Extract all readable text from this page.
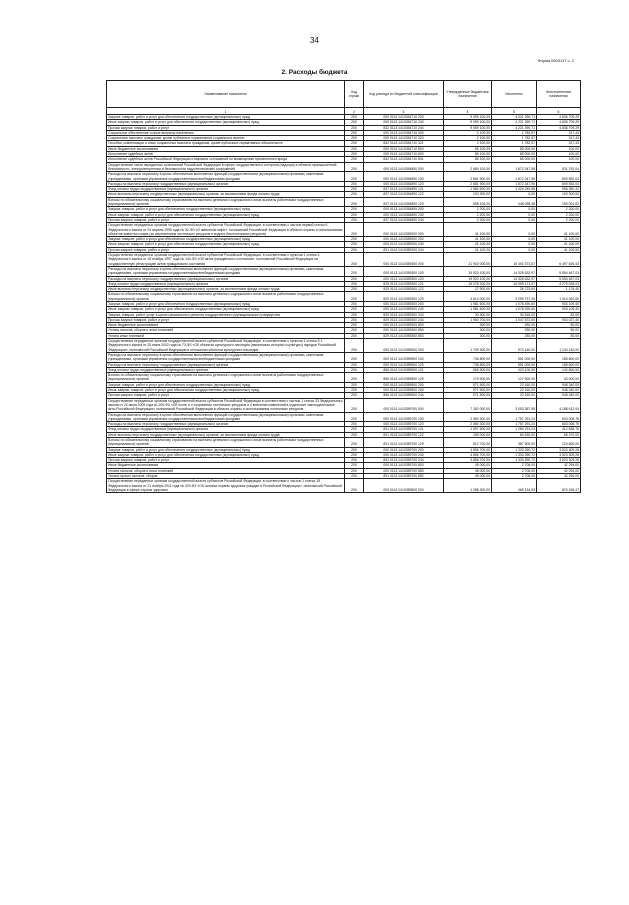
34
Форма 0503117 с. 2
2. Расходы бюджета
Наименование показателя	Код строки	Код расхода по бюджетной классификации	Утвержденные бюджетные назначения	Исполнено	Неисполненные назначения
1	2	3	4	5	6
Закупка товаров, работ и услуг для обеспечения государственных (муниципальных) нужд	200	000 0113 1410354710 200	9 059 100,00	4 221 390,71	4 836 709,29
Иные закупки товаров, работ и услуг для обеспечения государственных (муниципальных) нужд	200	000 0113 1410354710 240	9 059 100,00	4 221 390,71	4 836 709,29
Прочая закупка товаров, работ и услуг	200	832 0113 1410354710 244	9 059 100,00	4 221 390,71	4 836 709,29
Социальное обеспечение и иные выплаты населению	200	000 0113 1410354710 300	2 100,00	1 782,57	317,43
Социальные выплаты гражданам, кроме публичных нормативных социальных выплат	200	000 0113 1410354710 320	2 100,00	1 782,57	317,43
Пособия, компенсации и иные социальные выплаты гражданам, кроме публичных нормативных обязательств	200	832 0113 1410354710 321	2 100,00	1 782,57	317,43
Иные бюджетные ассигнования	200	000 0113 1410354710 800	85 100,00	85 000,00	100,00
Исполнение судебных актов	200	000 0113 1410354710 830	85 100,00	85 000,00	100,00
Исполнение судебных актов Российской Федерации и мировых соглашений по возмещению причиненного вреда	200	832 0113 1410354710 831	85 100,00	85 000,00	100,00
Осуществление части переданных полномочий Российской Федерации в сфере государственного контроля (надзора) в области промышленной безопасности, электроэнергетики и безопасности гидротехнических сооружений	200	000 0113 1410354890 000	2 684 100,00	1 872 347,98	811 752,04
Расходы на выплаты персоналу в целях обеспечения выполнения функций государственными (муниципальными) органами, казенными учреждениями, органами управления государственными внебюджетными фондами	200	000 0113 1410354890 100	2 681 900,00	1 872 347,96	809 552,04
Расходы на выплаты персоналу государственных (муниципальных) органов	200	000 0113 1410354890 120	2 681 900,00	1 872 347,96	809 552,04
Фонд оплаты труда государственных (муниципальных) органов	200	837 0113 1410354890 121	1 980 600,00	1 424 249,58	556 350,42
Иные выплаты персоналу государственных (муниципальных) органов, за исключением фонда оплаты труда	200	837 0113 1410354890 122	103 300,00	0,00	103 300,00
Взносы по обязательному социальному страхованию на выплаты денежного содержания и иные выплаты работникам государственных (муниципальных) органов	200	837 0113 1410354890 129	598 100,00	448 098,38	150 001,62
Закупка товаров, работ и услуг для обеспечения государственных (муниципальных) нужд	200	000 0113 1410354890 200	2 200,00	0,00	2 200,00
Иные закупки товаров, работ и услуг для обеспечения государственных (муниципальных) нужд	200	000 0113 1410354890 240	2 200,00	0,00	2 200,00
Прочая закупка товаров, работ и услуг	200	837 0113 1410354890 244	2 200,00	0,00	2 200,00
Осуществление переданных органам государственной власти субъектов Российской Федерации, в соответствии с частью первой статьи 6 Федерального закона от 24 апреля 1995 года № 52-ФЗ «О животном мире», полномочий Российской Федерации в области охраны и использования объектов животного мира (за исключением охотничьих ресурсов и водных биологических ресурсов)	200	000 0113 1410359200 000	41 100,00	0,00	41 100,00
Закупка товаров, работ и услуг для обеспечения государственных (муниципальных) нужд	200	000 0113 1410359200 200	41 100,00	0,00	41 100,00
Иные закупки товаров, работ и услуг для обеспечения государственных (муниципальных) нужд	200	000 0113 1410359200 240	41 100,00	0,00	41 100,00
Прочая закупка товаров, работ и услуг	200	831 0113 1410359200 244	41 100,00	0,00	41 100,00
Осуществление переданных органам государственной власти субъектов Российской Федерации, в соответствии с пунктом 1 статьи 4 Федерального закона от 15 ноября 1997 года № 143-ФЗ «Об актах гражданского состояния», полномочий Российской Федерации на государственную регистрацию актов гражданского состояния	200	000 0113 1410359300 000	21 902 000,00	15 404 373,57	6 497 626,43
Расходы на выплаты персоналу в целях обеспечения выполнения функций государственными (муниципальными) органами, казенными учреждениями, органами управления государственными внебюджетными фондами	200	000 0113 1410359300 100	19 920 100,00	14 325 632,97	5 594 467,03
Расходы на выплаты персоналу государственных (муниципальных) органов	200	000 0113 1410359300 120	19 920 100,00	14 325 632,97	5 594 467,03
Фонд оплаты труда государственных (муниципальных) органов	200	829 0113 1410359300 121	15 278 200,00	10 999 171,97	4 279 028,03
Иные выплаты персоналу государственных (муниципальных) органов, за исключением фонда оплаты труда	200	829 0113 1410359300 122	27 900,00	26 723,60	1 176,40
Взносы по обязательному социальному страхованию на выплаты денежного содержания и иные выплаты работникам государственных (муниципальных) органов	200	829 0113 1410359300 129	4 614 000,00	3 299 737,40	1 314 262,60
Закупка товаров, работ и услуг для обеспечения государственных (муниципальных) нужд	200	000 0113 1410359300 200	1 981 600,00	1 078 490,60	903 109,40
Иные закупки товаров, работ и услуг для обеспечения государственных (муниципальных) нужд	200	000 0113 1410359300 240	1 981 600,00	1 078 490,60	903 109,40
Закупка товаров, работ, услуг в целях капитального ремонта государственного (муниципального) имущества	200	829 0113 1410359300 243	30 900,00	30 818,00	82,00
Прочая закупка товаров, работ и услуг	200	829 0113 1410359300 244	1 950 700,00	1 047 672,60	903 027,40
Иные бюджетные ассигнования	200	000 0113 1410359300 800	300,00	250,00	50,00
Уплата налогов, сборов и иных платежей	200	000 0113 1410359300 850	300,00	250,00	50,00
Уплата иных платежей	200	829 0113 1410359300 853	300,00	250,00	50,00
Осуществление переданных органам государственной власти субъектов Российской Федерации, в соответствии с пунктом 1 статьи 9.1 Федерального закона от 25 июня 2002 года № 73-ФЗ «Об объектах культурного наследия (памятниках истории и культуры) народов Российской Федерации», полномочий Российской Федерации в отношении объектов культурного наследия	200	000 0113 1410359500 000	1 709 300,00	574 160,00	1 134 140,00
Расходы на выплаты персоналу в целях обеспечения выполнения функций государственными (муниципальными) органами, казенными учреждениями, органами управления государственными внебюджетными фондами	200	000 0113 1410359500 100	736 800,00	551 000,00	185 800,00
Расходы на выплаты персоналу государственных (муниципальных) органов	200	000 0113 1410359500 120	736 800,00	551 000,00	185 800,00
Фонд оплаты труда государственных (муниципальных) органов	200	856 0113 1410359500 121	565 900,00	423 100,00	142 800,00
Взносы по обязательному социальному страхованию на выплаты денежного содержания и иные выплаты работникам государственных (муниципальных) органов	200	856 0113 1410359500 129	170 900,00	127 900,00	43 000,00
Закупка товаров, работ и услуг для обеспечения государственных (муниципальных) нужд	200	000 0113 1410359500 200	971 500,00	23 160,00	948 340,00
Иные закупки товаров, работ и услуг для обеспечения государственных (муниципальных) нужд	200	000 0113 1410359500 240	971 500,00	23 160,00	948 340,00
Прочая закупка товаров, работ и услуг	200	856 0113 1410359500 244	971 500,00	23 160,00	948 340,00
Осуществление переданных органам государственной власти субъектов Российской Федерации в соответствии с частью 1 статьи 33 Федерального закона от 24 июля 2009 года № 209-ФЗ «Об охоте и о сохранении охотничьих ресурсов и о внесении изменений в отдельные законодательные акты Российской Федерации» полномочий Российской Федерации в области охраны и использования охотничьих ресурсов	200	000 0113 1410359700 000	7 282 000,00	3 093 387,98	4 188 612,04
Расходы на выплаты персоналу в целях обеспечения выполнения функций государственными (муниципальными) органами, казенными учреждениями, органами управления государственными внебюджетными фондами	200	000 0113 1410359700 100	2 360 300,00	1 757 291,24	603 008,76
Расходы на выплаты персоналу государственных (муниципальных) органов	200	000 0113 1410359700 120	2 360 300,00	1 757 291,24	603 008,76
Фонд оплаты труда государственных (муниципальных) органов	200	831 0113 1410359700 121	1 697 600,00	1 284 761,24	412 838,76
Иные выплаты персоналу государственных (муниципальных) органов, за исключением фонда оплаты труда	200	831 0113 1410359700 122	150 000,00	84 630,00	65 370,00
Взносы по обязательному социальному страхованию на выплаты денежного содержания и иные выплаты работникам государственных (муниципальных) органов	200	831 0113 1410359700 129	512 700,00	387 900,00	124 800,00
Закупка товаров, работ и услуг для обеспечения государственных (муниципальных) нужд	200	000 0113 1410359700 200	4 856 700,00	1 333 390,72	3 523 309,28
Иные закупки товаров, работ и услуг для обеспечения государственных (муниципальных) нужд	200	000 0113 1410359700 240	4 856 700,00	1 333 390,72	3 523 309,28
Прочая закупка товаров, работ и услуг	200	831 0113 1410359700 244	4 856 700,00	1 333 390,72	3 523 309,28
Иные бюджетные ассигнования	200	000 0113 1410359700 800	45 000,00	2 706,00	42 294,00
Уплата налогов, сборов и иных платежей	200	000 0113 1410359700 850	45 000,00	2 706,00	42 294,00
Уплата прочих налогов, сборов	200	831 0113 1410359700 852	45 000,00	2 706,00	42 294,00
Осуществление переданных органам государственной власти субъектов Российской Федерации, в соответствии с частью 1 статьи 15 Федерального закона от 21 ноября 2011 года № 323-ФЗ «Об основах охраны здоровья граждан в Российской Федерации», полномочий Российской Федерации в сфере охраны здоровья	200	000 0113 1410359800 000	1 288 300,00	465 134,53	823 165,47
